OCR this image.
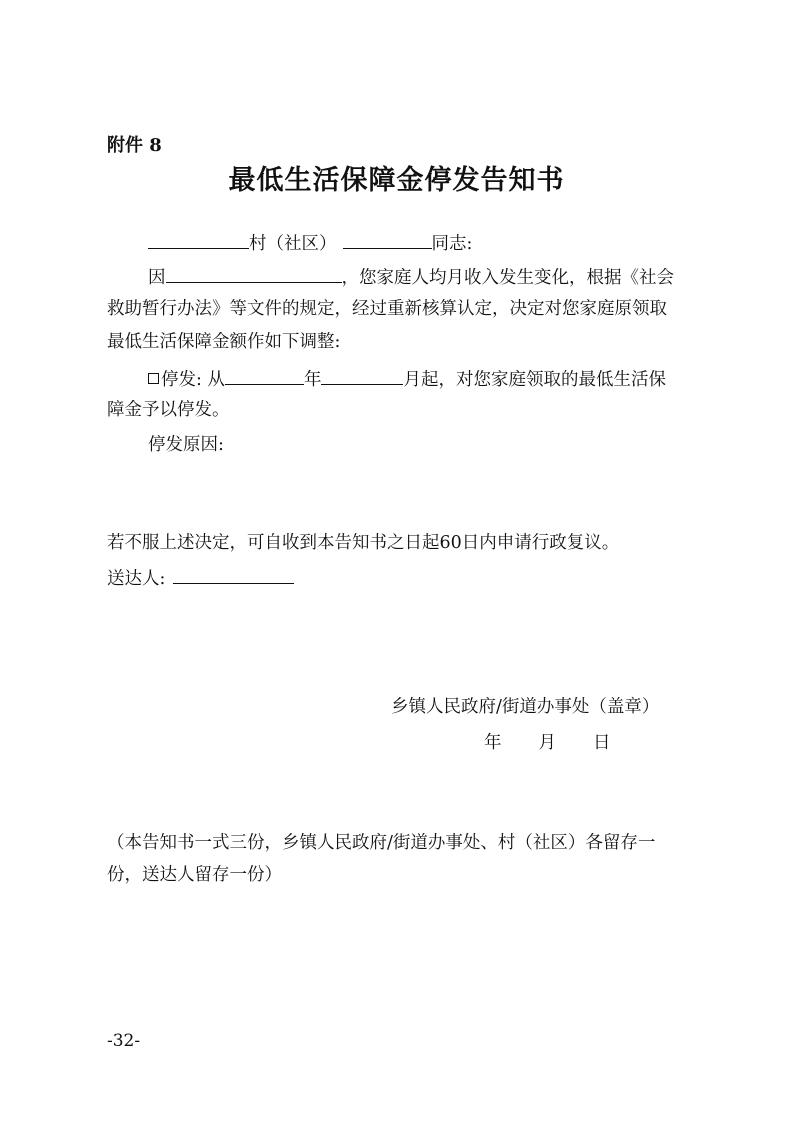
附件 8
最低生活保障金停发告知书
村（社区）	同志:
因	，您家庭人均月收入发生变化，根据《社会
救助暂行办法》等文件的规定，经过重新核算认定，决定对您家庭原领取
最低生活保障金额作如下调整:
停发: 从	年	月起，对您家庭领取的最低生活保
障金予以停发。
停发原因:
若不服上述决定，可自收到本告知书之日起60日内申请行政复议。
送达人:
乡镇人民政府/街道办事处（盖章）
年 月 日
（本告知书一式三份，乡镇人民政府/街道办事处、村（社区）各留存一
份，送达人留存一份）
-32-
